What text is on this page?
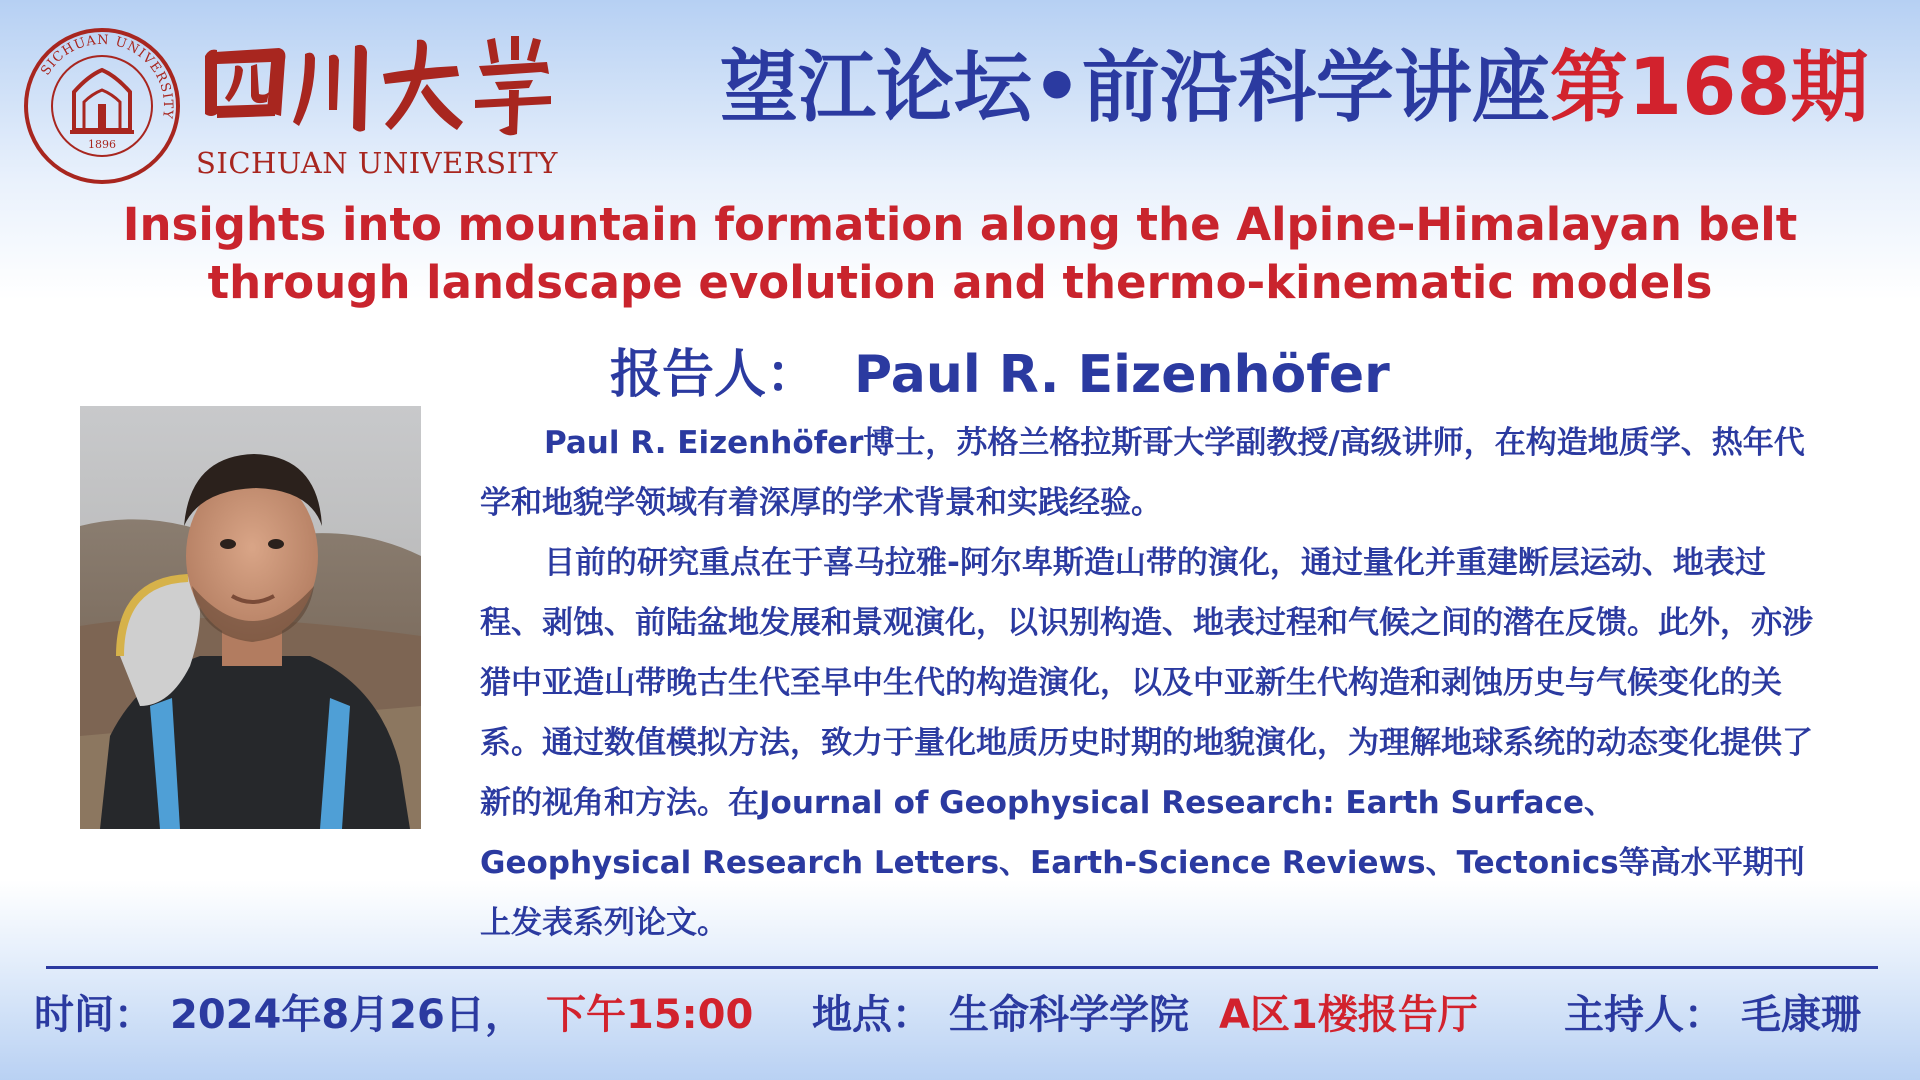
SICHUAN UNIVERSITY
1896
SICHUAN UNIVERSITY
望江论坛•前沿科学讲座第168期
Insights into mountain formation along the Alpine-Himalayan belt
through landscape evolution and thermo-kinematic models
报告人： Paul R. Eizenhöfer

Paul R. Eizenhöfer博士，苏格兰格拉斯哥大学副教授/高级讲师，在构造地质学、热年代学和地貌学领域有着深厚的学术背景和实践经验。

目前的研究重点在于喜马拉雅-阿尔卑斯造山带的演化，通过量化并重建断层运动、地表过程、剥蚀、前陆盆地发展和景观演化，以识别构造、地表过程和气候之间的潜在反馈。此外，亦涉猎中亚造山带晚古生代至早中生代的构造演化，以及中亚新生代构造和剥蚀历史与气候变化的关系。通过数值模拟方法，致力于量化地质历史时期的地貌演化，为理解地球系统的动态变化提供了新的视角和方法。在Journal of Geophysical Research: Earth Surface、Geophysical Research Letters、Earth-Science Reviews、Tectonics等高水平期刊上发表系列论文。

时间： 2024年8月26日， 下午15:00 地点： 生命科学学院 A区1楼报告厅 主持人： 毛康珊
